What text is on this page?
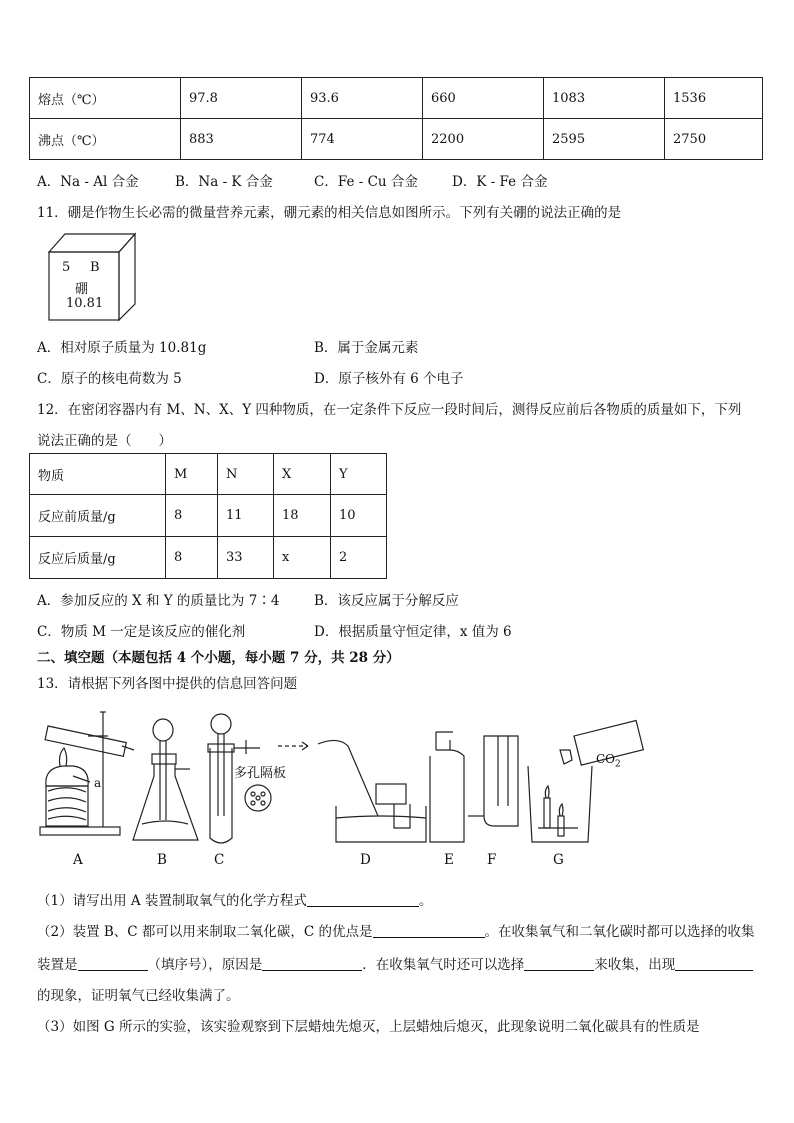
熔点（℃）	97.8	93.6	660	1083	1536
沸点（℃）	883	774	2200	2595	2750
A．Na - Al 合金	B．Na - K 合金	C．Fe - Cu 合金	D．K - Fe 合金
11．硼是作物生长必需的微量营养元素，硼元素的相关信息如图所示。下列有关硼的说法正确的是
5 B
硼
10.81
A．相对原子质量为 10.81g	B．属于金属元素
C．原子的核电荷数为 5	D．原子核外有 6 个电子
12．在密闭容器内有 M、N、X、Y 四种物质，在一定条件下反应一段时间后，测得反应前后各物质的质量如下，下列
说法正确的是（　　）
物质	M	N	X	Y
反应前质量/g	8	11	18	10
反应后质量/g	8	33	x	2
A．参加反应的 X 和 Y 的质量比为 7∶4	B．该反应属于分解反应
C．物质 M 一定是该反应的催化剂	D．根据质量守恒定律，x 值为 6
二、填空题（本题包括 4 个小题，每小题 7 分，共 28 分）
13．请根据下列各图中提供的信息回答问题
a
多孔隔板
$CO_2$
A	B	C	D	E F	G
（1）请写出用 A 装置制取氧气的化学方程式	。
（2）装置 B、C 都可以用来制取二氧化碳，C 的优点是	。在收集氧气和二氧化碳时都可以选择的收集
装置是	（填序号），原因是	．在收集氧气时还可以选择	来收集，出现
的现象，证明氧气已经收集满了。
（3）如图 G 所示的实验，该实验观察到下层蜡烛先熄灭，上层蜡烛后熄灭，此现象说明二氧化碳具有的性质是
